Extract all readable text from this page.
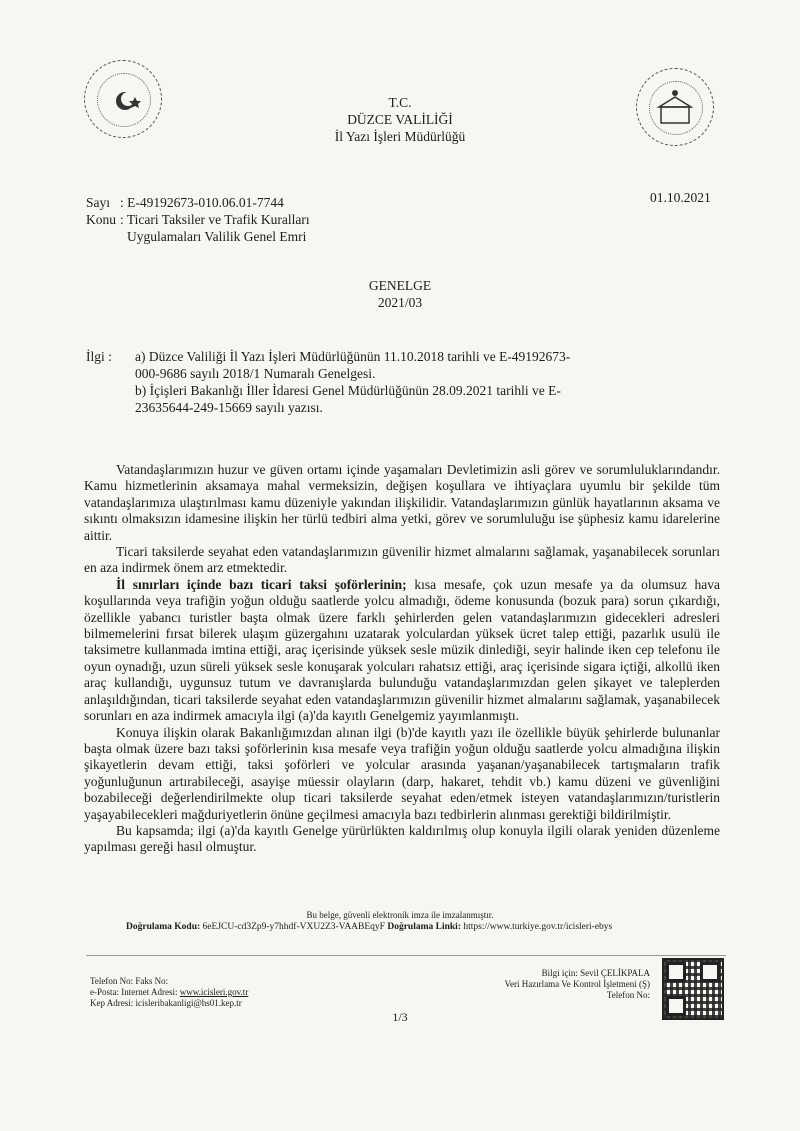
T.C.
DÜZCE VALİLİĞİ
İl Yazı İşleri Müdürlüğü
Sayı : E-49192673-010.06.01-7744
Konu : Ticari Taksiler ve Trafik Kuralları
Uygulamaları Valilik Genel Emri
01.10.2021
GENELGE
2021/03
İlgi : a) Düzce Valiliği İl Yazı İşleri Müdürlüğünün 11.10.2018 tarihli ve E-49192673-
000-9686 sayılı 2018/1 Numaralı Genelgesi.
b) İçişleri Bakanlığı İller İdaresi Genel Müdürlüğünün 28.09.2021 tarihli ve E-
23635644-249-15669 sayılı yazısı.

Vatandaşlarımızın huzur ve güven ortamı içinde yaşamaları Devletimizin asli görev ve sorumluluklarındandır. Kamu hizmetlerinin aksamaya mahal vermeksizin, değişen koşullara ve ihtiyaçlara uyumlu bir şekilde tüm vatandaşlarımıza ulaştırılması kamu düzeniyle yakından ilişkilidir. Vatandaşlarımızın günlük hayatlarının aksama ve sıkıntı olmaksızın idamesine ilişkin her türlü tedbiri alma yetki, görev ve sorumluluğu ise şüphesiz kamu idarelerine aittir.

Ticari taksilerde seyahat eden vatandaşlarımızın güvenilir hizmet almalarını sağlamak, yaşanabilecek sorunları en aza indirmek önem arz etmektedir.

İl sınırları içinde bazı ticari taksi şoförlerinin; kısa mesafe, çok uzun mesafe ya da olumsuz hava koşullarında veya trafiğin yoğun olduğu saatlerde yolcu almadığı, ödeme konusunda (bozuk para) sorun çıkardığı, özellikle yabancı turistler başta olmak üzere farklı şehirlerden gelen vatandaşlarımızın gidecekleri adresleri bilmemelerini fırsat bilerek ulaşım güzergahını uzatarak yolculardan yüksek ücret talep ettiği, pazarlık usulü ile taksimetre kullanmada imtina ettiği, araç içerisinde yüksek sesle müzik dinlediği, seyir halinde iken cep telefonu ile oyun oynadığı, uzun süreli yüksek sesle konuşarak yolcuları rahatsız ettiği, araç içerisinde sigara içtiği, alkollü iken araç kullandığı, uygunsuz tutum ve davranışlarda bulunduğu vatandaşlarımızdan gelen şikayet ve taleplerden anlaşıldığından, ticari taksilerde seyahat eden vatandaşlarımızın güvenilir hizmet almalarını sağlamak, yaşanabilecek sorunları en aza indirmek amacıyla ilgi (a)'da kayıtlı Genelgemiz yayımlanmıştı.

Konuya ilişkin olarak Bakanlığımızdan alınan ilgi (b)'de kayıtlı yazı ile özellikle büyük şehirlerde bulunanlar başta olmak üzere bazı taksi şoförlerinin kısa mesafe veya trafiğin yoğun olduğu saatlerde yolcu almadığına ilişkin şikayetlerin devam ettiği, taksi şoförleri ve yolcular arasında yaşanan/yaşanabilecek tartışmaların trafik yoğunluğunun artırabileceği, asayişe müessir olayların (darp, hakaret, tehdit vb.) kamu düzeni ve güvenliğini bozabileceği değerlendirilmekte olup ticari taksilerde seyahat eden/etmek isteyen vatandaşlarımızın/turistlerin yaşayabilecekleri mağduriyetlerin önüne geçilmesi amacıyla bazı tedbirlerin alınması gerektiği bildirilmiştir.

Bu kapsamda; ilgi (a)'da kayıtlı Genelge yürürlükten kaldırılmış olup konuyla ilgili olarak yeniden düzenleme yapılması gereği hasıl olmuştur.

Bu belge, güvenli elektronik imza ile imzalanmıştır.
Doğrulama Kodu: 6eEJCU-cd3Zp9-y7hhdf-VXU2Z3-VAABEqyF Doğrulama Linki: https://www.turkiye.gov.tr/icisleri-ebys
Telefon No: Faks No:
e-Posta: Internet Adresi: www.icisleri.gov.tr
Kep Adresi: icisleribakanligi@hs01.kep.tr
Bilgi için: Sevil ÇELİKPALA
Veri Hazırlama Ve Kontrol İşletmeni (Ş)
Telefon No:
1/3
